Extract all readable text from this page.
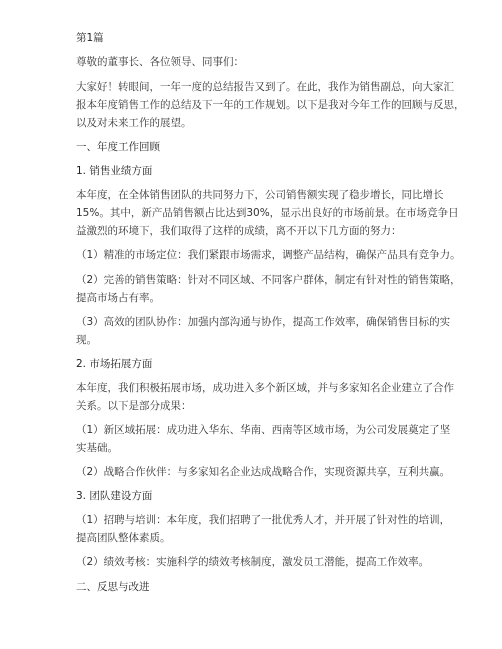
第1篇
尊敬的董事长、各位领导、同事们：
大家好！转眼间，一年一度的总结报告又到了。在此，我作为销售副总，向大家汇
报本年度销售工作的总结及下一年的工作规划。以下是我对今年工作的回顾与反思，
以及对未来工作的展望。
一、年度工作回顾
1. 销售业绩方面
本年度，在全体销售团队的共同努力下，公司销售额实现了稳步增长，同比增长
15%。其中，新产品销售额占比达到30%，显示出良好的市场前景。在市场竞争日
益激烈的环境下，我们取得了这样的成绩，离不开以下几方面的努力：
（1）精准的市场定位：我们紧跟市场需求，调整产品结构，确保产品具有竞争力。
（2）完善的销售策略：针对不同区域、不同客户群体，制定有针对性的销售策略，
提高市场占有率。
（3）高效的团队协作：加强内部沟通与协作，提高工作效率，确保销售目标的实
现。
2. 市场拓展方面
本年度，我们积极拓展市场，成功进入多个新区域，并与多家知名企业建立了合作
关系。以下是部分成果：
（1）新区域拓展：成功进入华东、华南、西南等区域市场，为公司发展奠定了坚
实基础。
（2）战略合作伙伴：与多家知名企业达成战略合作，实现资源共享，互利共赢。
3. 团队建设方面
（1）招聘与培训：本年度，我们招聘了一批优秀人才，并开展了针对性的培训，
提高团队整体素质。
（2）绩效考核：实施科学的绩效考核制度，激发员工潜能，提高工作效率。
二、反思与改进
